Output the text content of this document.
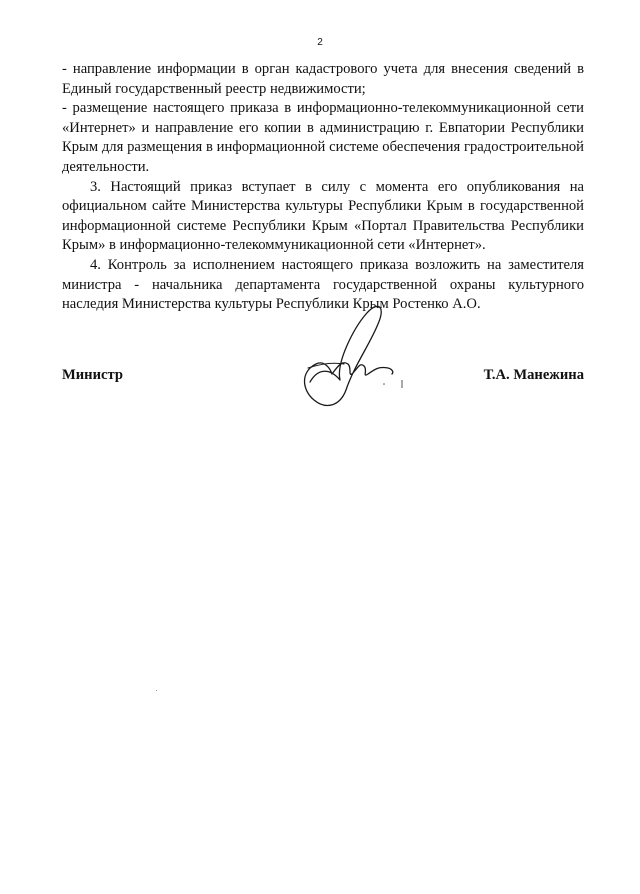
2

- направление информации в орган кадастрового учета для внесения сведений в Единый государственный реестр недвижимости;

- размещение настоящего приказа в информационно-телекоммуникационной сети «Интернет» и направление его копии в администрацию г. Евпатории Республики Крым для размещения в информационной системе обеспечения градостроительной деятельности.

3. Настоящий приказ вступает в силу с момента его опубликования на официальном сайте Министерства культуры Республики Крым в государственной информационной системе Республики Крым «Портал Правительства Республики Крым» в информационно-телекоммуникационной сети «Интернет».

4. Контроль за исполнением настоящего приказа возложить на заместителя министра - начальника департамента государственной охраны культурного наследия Министерства культуры Республики Крым Ростенко А.О.

Министр	Т.А. Манежина
